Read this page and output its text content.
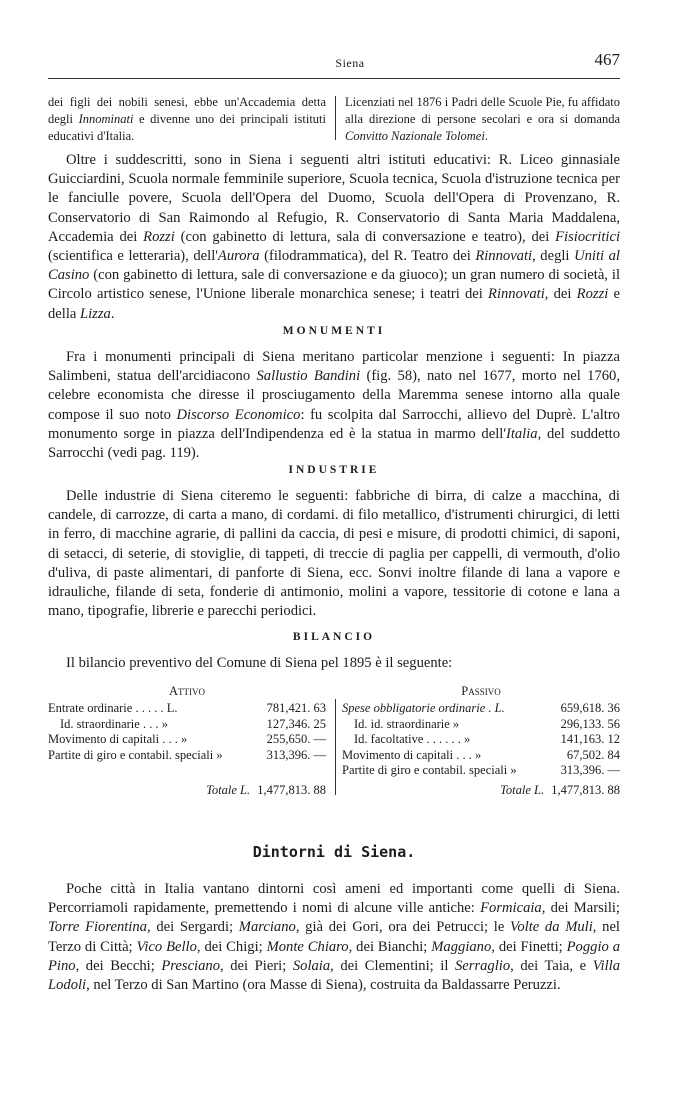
Siena	467
dei figli dei nobili senesi, ebbe un'Accademia detta degli Innominati e divenne uno dei principali istituti educativi d'Italia.
Licenziati nel 1876 i Padri delle Scuole Pie, fu affidato alla direzione di persone secolari e ora si domanda Convitto Nazionale Tolomei.

Oltre i suddescritti, sono in Siena i seguenti altri istituti educativi: R. Liceo ginnasiale Guicciardini, Scuola normale femminile superiore, Scuola tecnica, Scuola d'istruzione tecnica per le fanciulle povere, Scuola dell'Opera del Duomo, Scuola dell'Opera di Provenzano, R. Conservatorio di San Raimondo al Refugio, R. Conservatorio di Santa Maria Maddalena, Accademia dei Rozzi (con gabinetto di lettura, sala di conversazione e teatro), dei Fisiocritici (scientifica e letteraria), dell'Aurora (filodrammatica), del R. Teatro dei Rinnovati, degli Uniti al Casino (con gabinetto di lettura, sale di conversazione e da giuoco); un gran numero di società, il Circolo artistico senese, l'Unione liberale monarchica senese; i teatri dei Rinnovati, dei Rozzi e della Lizza.

MONUMENTI

Fra i monumenti principali di Siena meritano particolar menzione i seguenti: In piazza Salimbeni, statua dell'arcidiacono Sallustio Bandini (fig. 58), nato nel 1677, morto nel 1760, celebre economista che diresse il prosciugamento della Maremma senese intorno alla quale compose il suo noto Discorso Economico: fu scolpita dal Sarrocchi, allievo del Duprè. L'altro monumento sorge in piazza dell'Indipendenza ed è la statua in marmo dell'Italia, del suddetto Sarrocchi (vedi pag. 119).

INDUSTRIE

Delle industrie di Siena citeremo le seguenti: fabbriche di birra, di calze a macchina, di candele, di carrozze, di carta a mano, di cordami. di filo metallico, d'istrumenti chirurgici, di letti in ferro, di macchine agrarie, di pallini da caccia, di pesi e misure, di prodotti chimici, di saponi, di setacci, di seterie, di stoviglie, di tappeti, di treccie di paglia per cappelli, di vermouth, d'olio d'uliva, di paste alimentari, di panforte di Siena, ecc. Sonvi inoltre filande di lana a vapore e idrauliche, filande di seta, fonderie di antimonio, molini a vapore, tessitorie di cotone e lana a mano, tipografie, librerie e parecchi periodici.

BILANCIO

Il bilancio preventivo del Comune di Siena pel 1895 è il seguente:

Attivo
Entrate ordinarie . . . . . L.	781,421. 63
Id. straordinarie . . . »	127,346. 25
Movimento di capitali . . . »	255,650. —
Partite di giro e contabil. speciali »	313,396. —
Passivo
Spese obbligatorie ordinarie . L.	659,618. 36
Id. id. straordinarie »	296,133. 56
Id. facoltative . . . . . . »	141,163. 12
Movimento di capitali . . . »	67,502. 84
Partite di giro e contabil. speciali »	313,396. —
Totale L. 1,477,813. 88	Totale L. 1,477,813. 88
Dintorni di Siena.

Poche città in Italia vantano dintorni così ameni ed importanti come quelli di Siena. Percorriamoli rapidamente, premettendo i nomi di alcune ville antiche: Formicaia, dei Marsili; Torre Fiorentina, dei Sergardi; Marciano, già dei Gori, ora dei Petrucci; le Volte da Muli, nel Terzo di Città; Vico Bello, dei Chigi; Monte Chiaro, dei Bianchi; Maggiano, dei Finetti; Poggio a Pino, dei Becchi; Presciano, dei Pieri; Solaia, dei Clementini; il Serraglio, dei Taia, e Villa Lodoli, nel Terzo di San Martino (ora Masse di Siena), costruita da Baldassarre Peruzzi.
